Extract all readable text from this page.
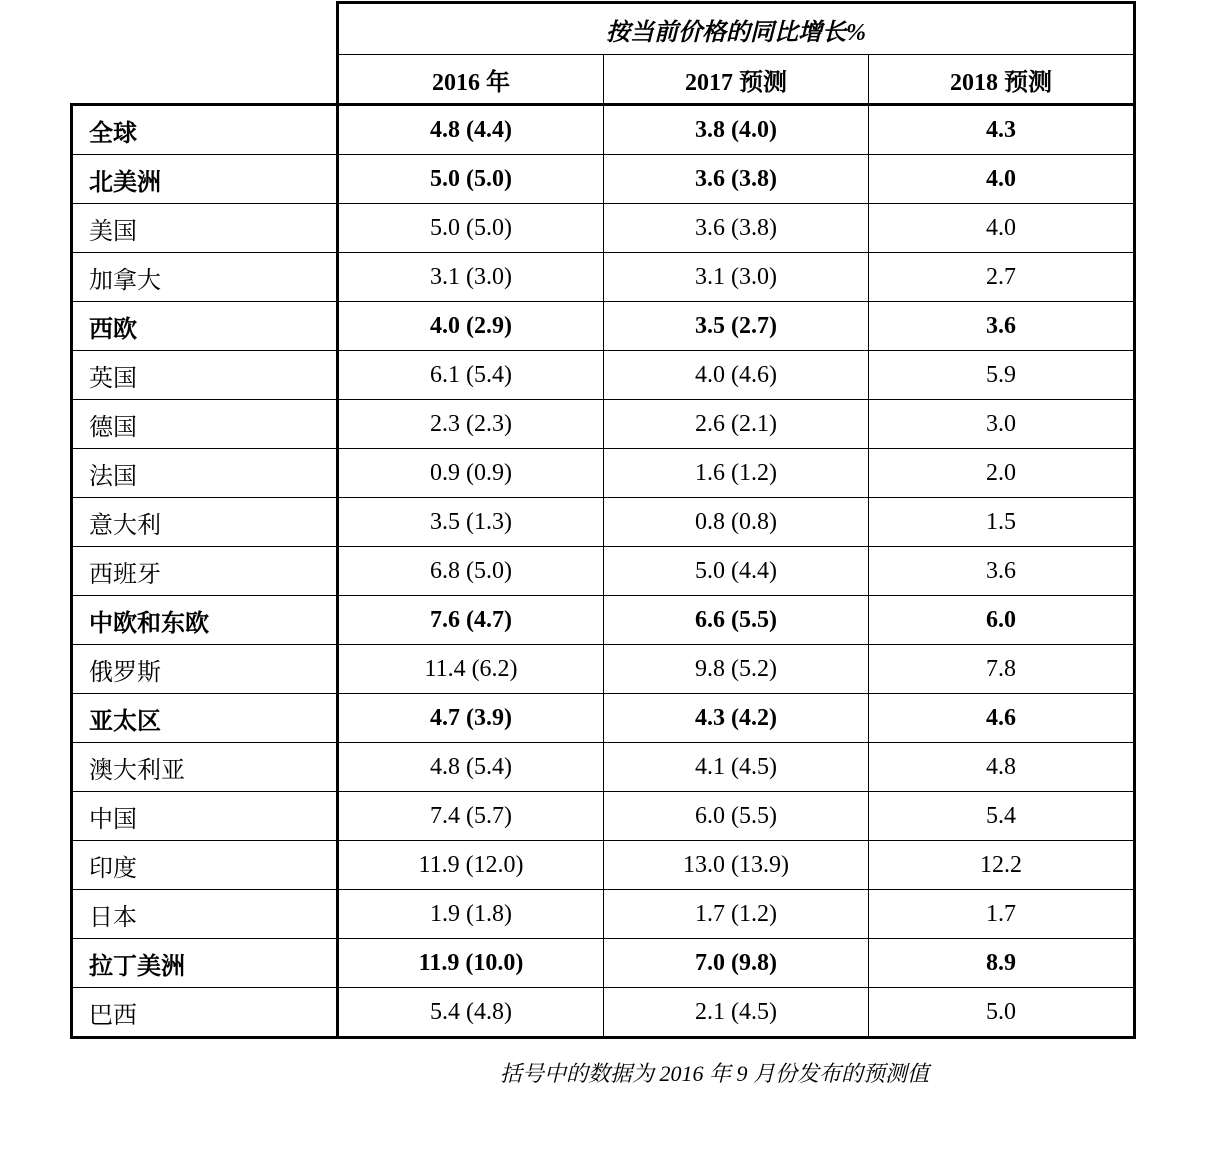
	按当前价格的同比增长%		
	2016 年	2017 预测	2018 预测
全球	4.8 (4.4)	3.8 (4.0)	4.3
北美洲	5.0 (5.0)	3.6 (3.8)	4.0
美国	5.0 (5.0)	3.6 (3.8)	4.0
加拿大	3.1 (3.0)	3.1 (3.0)	2.7
西欧	4.0 (2.9)	3.5 (2.7)	3.6
英国	6.1 (5.4)	4.0 (4.6)	5.9
德国	2.3 (2.3)	2.6 (2.1)	3.0
法国	0.9 (0.9)	1.6 (1.2)	2.0
意大利	3.5 (1.3)	0.8 (0.8)	1.5
西班牙	6.8 (5.0)	5.0 (4.4)	3.6
中欧和东欧	7.6 (4.7)	6.6 (5.5)	6.0
俄罗斯	11.4 (6.2)	9.8 (5.2)	7.8
亚太区	4.7 (3.9)	4.3 (4.2)	4.6
澳大利亚	4.8 (5.4)	4.1 (4.5)	4.8
中国	7.4 (5.7)	6.0 (5.5)	5.4
印度	11.9 (12.0)	13.0 (13.9)	12.2
日本	1.9 (1.8)	1.7 (1.2)	1.7
拉丁美洲	11.9 (10.0)	7.0 (9.8)	8.9
巴西	5.4 (4.8)	2.1 (4.5)	5.0
括号中的数据为 2016 年 9 月份发布的预测值
